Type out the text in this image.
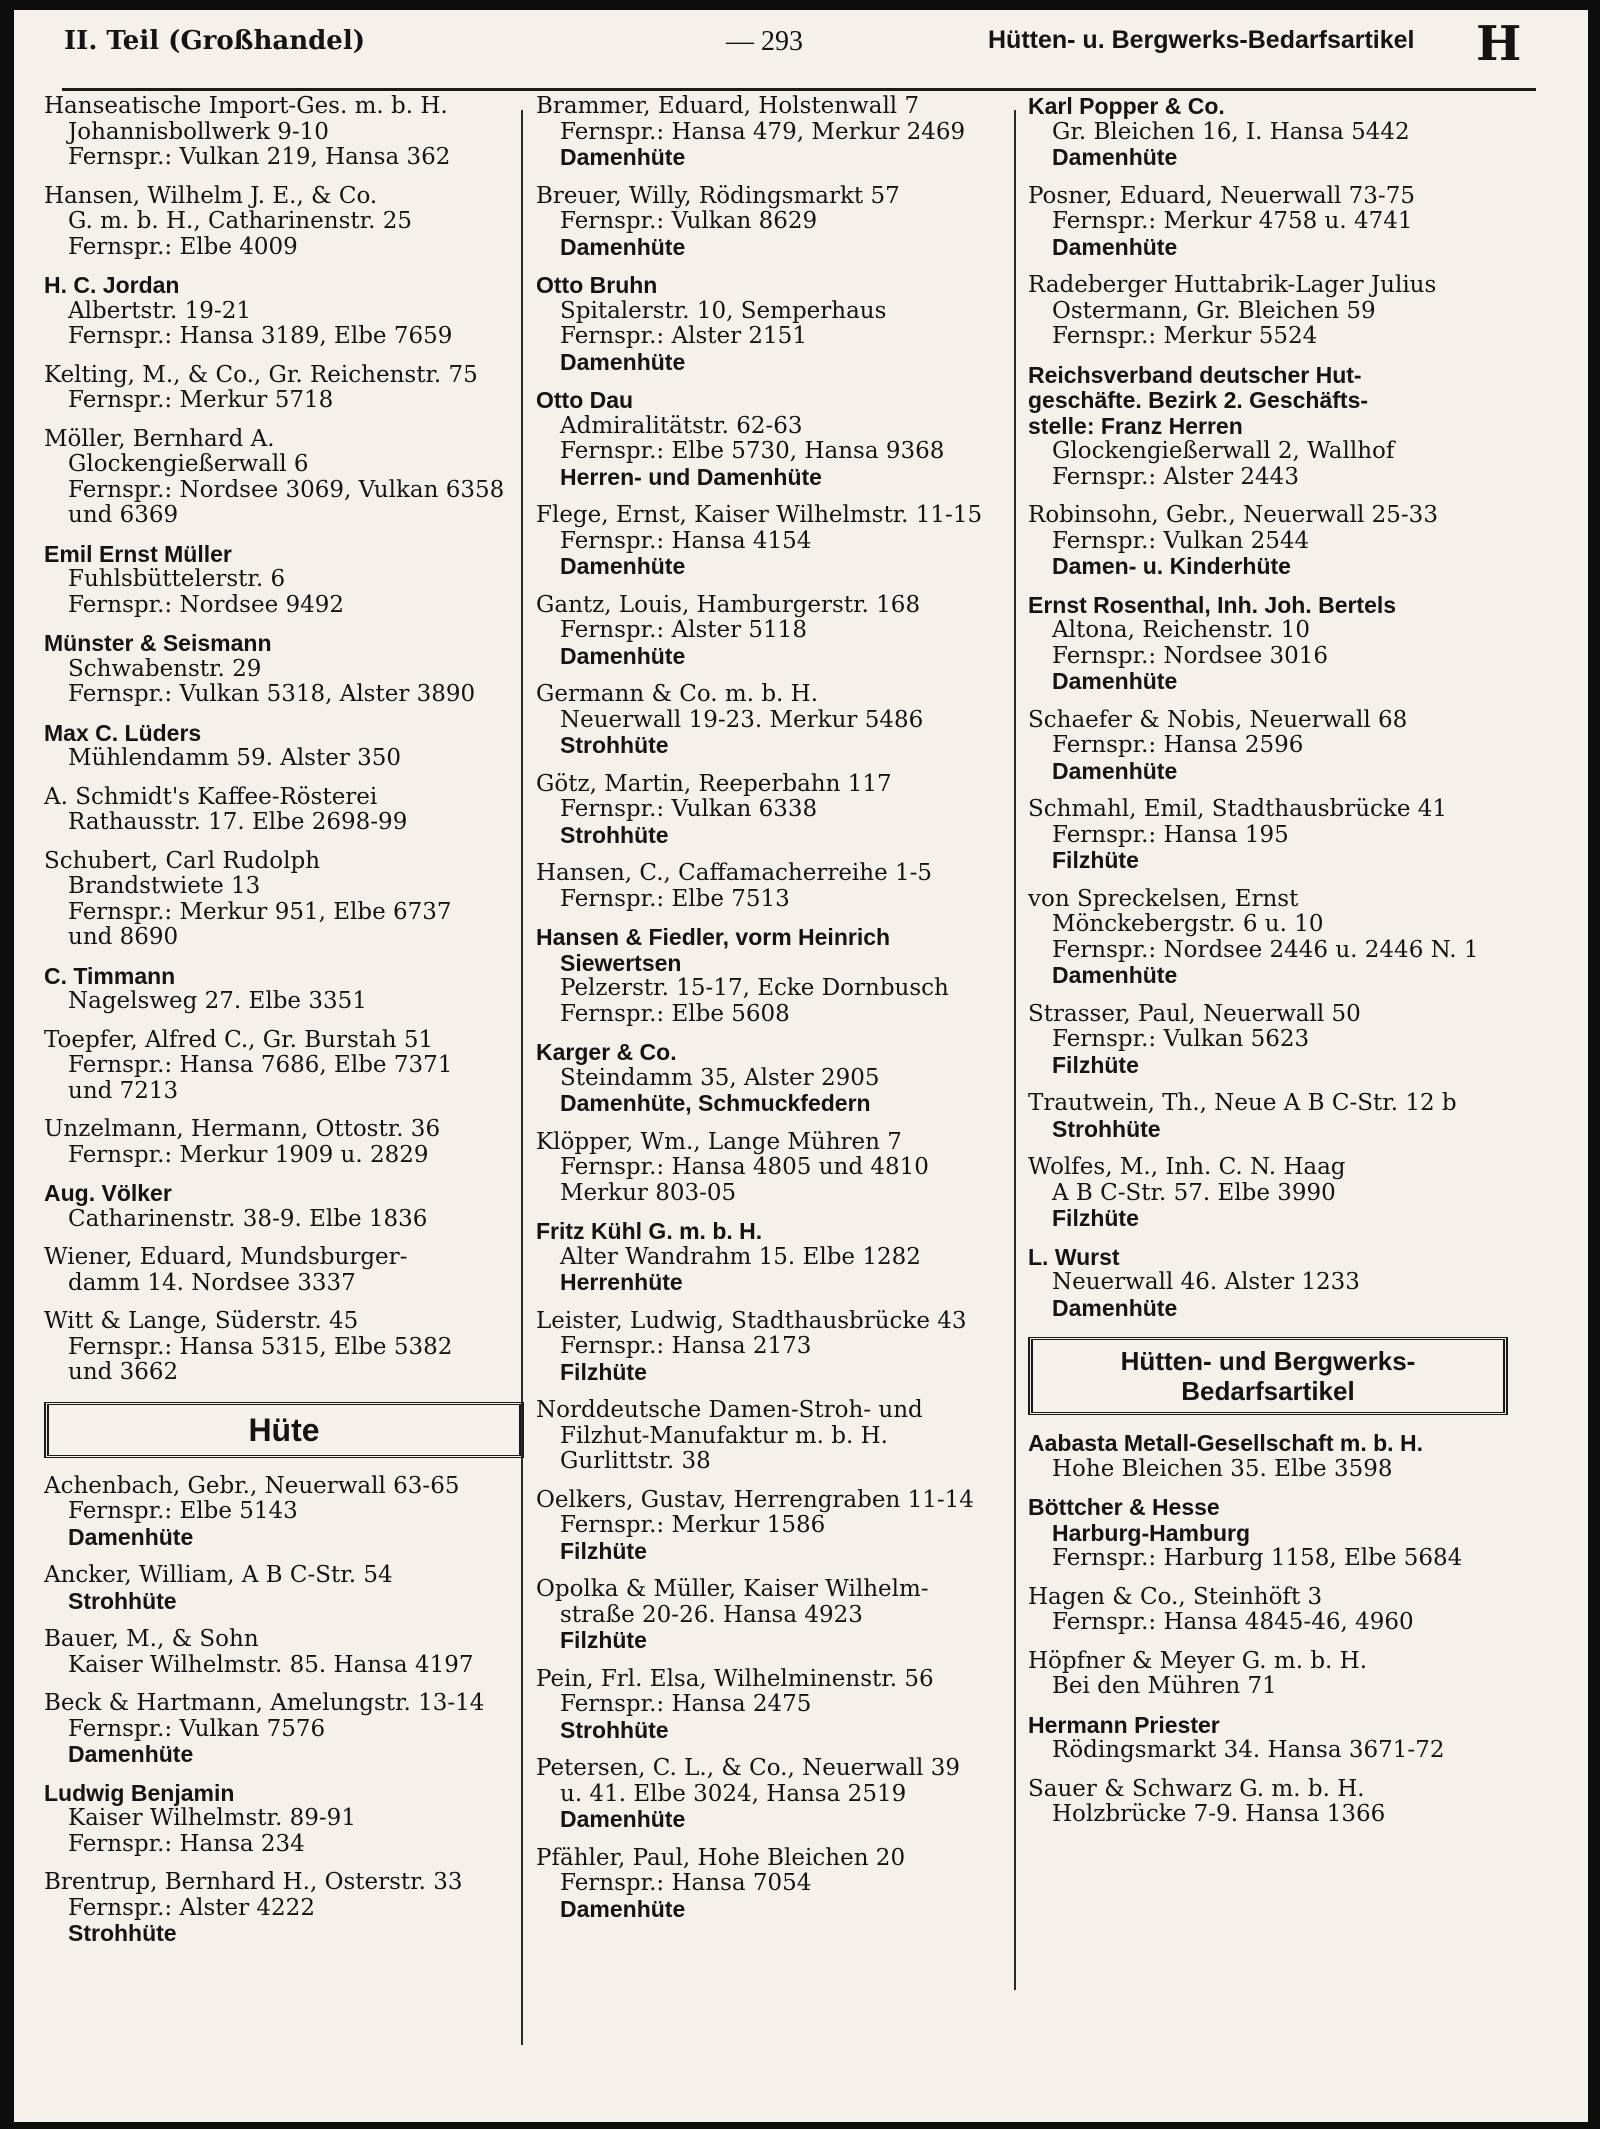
II. Teil (Großhandel)	— 293	Hütten- u. Bergwerks-Bedarfsartikel H
Hanseatische Import-Ges. m. b. H.
Johannisbollwerk 9-10
Fernspr.: Vulkan 219, Hansa 362
Hansen, Wilhelm J. E., & Co.
G. m. b. H., Catharinenstr. 25
Fernspr.: Elbe 4009
H. C. Jordan
Albertstr. 19-21
Fernspr.: Hansa 3189, Elbe 7659
Kelting, M., & Co., Gr. Reichenstr. 75
Fernspr.: Merkur 5718
Möller, Bernhard A.
Glockengießerwall 6
Fernspr.: Nordsee 3069, Vulkan 6358
und 6369
Emil Ernst Müller
Fuhlsbüttelerstr. 6
Fernspr.: Nordsee 9492
Münster & Seismann
Schwabenstr. 29
Fernspr.: Vulkan 5318, Alster 3890
Max C. Lüders
Mühlendamm 59. Alster 350
A. Schmidt's Kaffee-Rösterei
Rathausstr. 17. Elbe 2698-99
Schubert, Carl Rudolph
Brandstwiete 13
Fernspr.: Merkur 951, Elbe 6737
und 8690
C. Timmann
Nagelsweg 27. Elbe 3351
Toepfer, Alfred C., Gr. Burstah 51
Fernspr.: Hansa 7686, Elbe 7371
und 7213
Unzelmann, Hermann, Ottostr. 36
Fernspr.: Merkur 1909 u. 2829
Aug. Völker
Catharinenstr. 38-9. Elbe 1836
Wiener, Eduard, Mundsburger-
damm 14. Nordsee 3337
Witt & Lange, Süderstr. 45
Fernspr.: Hansa 5315, Elbe 5382
und 3662
Hüte
Achenbach, Gebr., Neuerwall 63-65
Fernspr.: Elbe 5143
Damenhüte
Ancker, William, A B C-Str. 54
Strohhüte
Bauer, M., & Sohn
Kaiser Wilhelmstr. 85. Hansa 4197
Beck & Hartmann, Amelungstr. 13-14
Fernspr.: Vulkan 7576
Damenhüte
Ludwig Benjamin
Kaiser Wilhelmstr. 89-91
Fernspr.: Hansa 234
Brentrup, Bernhard H., Osterstr. 33
Fernspr.: Alster 4222
Strohhüte
Brammer, Eduard, Holstenwall 7
Fernspr.: Hansa 479, Merkur 2469
Damenhüte
Breuer, Willy, Rödingsmarkt 57
Fernspr.: Vulkan 8629
Damenhüte
Otto Bruhn
Spitalerstr. 10, Semperhaus
Fernspr.: Alster 2151
Damenhüte
Otto Dau
Admiralitätstr. 62-63
Fernspr.: Elbe 5730, Hansa 9368
Herren- und Damenhüte
Flege, Ernst, Kaiser Wilhelmstr. 11-15
Fernspr.: Hansa 4154
Damenhüte
Gantz, Louis, Hamburgerstr. 168
Fernspr.: Alster 5118
Damenhüte
Germann & Co. m. b. H.
Neuerwall 19-23. Merkur 5486
Strohhüte
Götz, Martin, Reeperbahn 117
Fernspr.: Vulkan 6338
Strohhüte
Hansen, C., Caffamacherreihe 1-5
Fernspr.: Elbe 7513
Hansen & Fiedler, vorm Heinrich
Siewertsen
Pelzerstr. 15-17, Ecke Dornbusch
Fernspr.: Elbe 5608
Karger & Co.
Steindamm 35, Alster 2905
Damenhüte, Schmuckfedern
Klöpper, Wm., Lange Mühren 7
Fernspr.: Hansa 4805 und 4810
Merkur 803-05
Fritz Kühl G. m. b. H.
Alter Wandrahm 15. Elbe 1282
Herrenhüte
Leister, Ludwig, Stadthausbrücke 43
Fernspr.: Hansa 2173
Filzhüte
Norddeutsche Damen-Stroh- und
Filzhut-Manufaktur m. b. H.
Gurlittstr. 38
Oelkers, Gustav, Herrengraben 11-14
Fernspr.: Merkur 1586
Filzhüte
Opolka & Müller, Kaiser Wilhelm-
straße 20-26. Hansa 4923
Filzhüte
Pein, Frl. Elsa, Wilhelminenstr. 56
Fernspr.: Hansa 2475
Strohhüte
Petersen, C. L., & Co., Neuerwall 39
u. 41. Elbe 3024, Hansa 2519
Damenhüte
Pfähler, Paul, Hohe Bleichen 20
Fernspr.: Hansa 7054
Damenhüte
Karl Popper & Co.
Gr. Bleichen 16, I. Hansa 5442
Damenhüte
Posner, Eduard, Neuerwall 73-75
Fernspr.: Merkur 4758 u. 4741
Damenhüte
Radeberger Huttabrik-Lager Julius
Ostermann, Gr. Bleichen 59
Fernspr.: Merkur 5524
Reichsverband deutscher Hut-
geschäfte. Bezirk 2. Geschäfts-
stelle: Franz Herren
Glockengießerwall 2, Wallhof
Fernspr.: Alster 2443
Robinsohn, Gebr., Neuerwall 25-33
Fernspr.: Vulkan 2544
Damen- u. Kinderhüte
Ernst Rosenthal, Inh. Joh. Bertels
Altona, Reichenstr. 10
Fernspr.: Nordsee 3016
Damenhüte
Schaefer & Nobis, Neuerwall 68
Fernspr.: Hansa 2596
Damenhüte
Schmahl, Emil, Stadthausbrücke 41
Fernspr.: Hansa 195
Filzhüte
von Spreckelsen, Ernst
Mönckebergstr. 6 u. 10
Fernspr.: Nordsee 2446 u. 2446 N. 1
Damenhüte
Strasser, Paul, Neuerwall 50
Fernspr.: Vulkan 5623
Filzhüte
Trautwein, Th., Neue A B C-Str. 12 b
Strohhüte
Wolfes, M., Inh. C. N. Haag
A B C-Str. 57. Elbe 3990
Filzhüte
L. Wurst
Neuerwall 46. Alster 1233
Damenhüte
Hütten- und Bergwerks-
Bedarfsartikel
Aabasta Metall-Gesellschaft m. b. H.
Hohe Bleichen 35. Elbe 3598
Böttcher & Hesse
Harburg-Hamburg
Fernspr.: Harburg 1158, Elbe 5684
Hagen & Co., Steinhöft 3
Fernspr.: Hansa 4845-46, 4960
Höpfner & Meyer G. m. b. H.
Bei den Mühren 71
Hermann Priester
Rödingsmarkt 34. Hansa 3671-72
Sauer & Schwarz G. m. b. H.
Holzbrücke 7-9. Hansa 1366
